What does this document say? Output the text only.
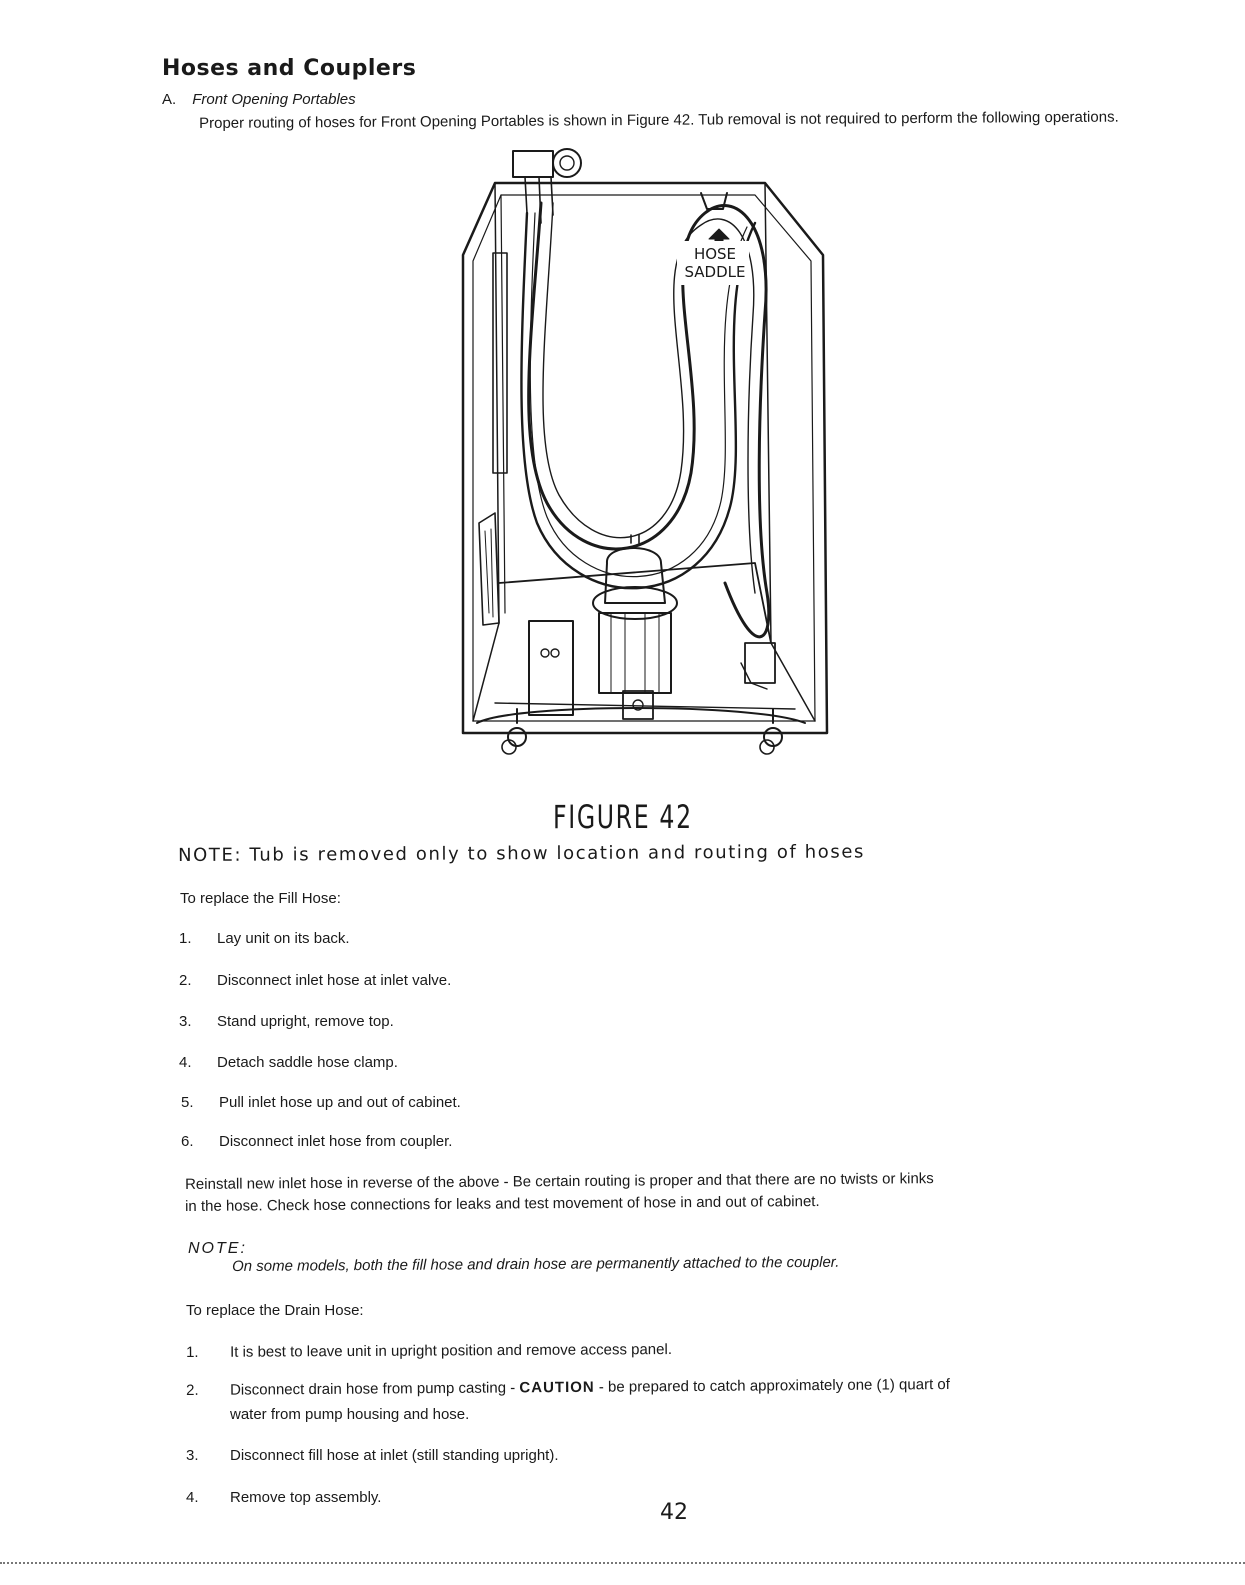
Hoses and Couplers
A. Front Opening Portables
Proper routing of hoses for Front Opening Portables is shown in Figure 42. Tub removal is not required to perform the following operations.
HOSE
SADDLE
FIGURE 42
NOTE: Tub is removed only to show location and routing of hoses
To replace the Fill Hose:
1. Lay unit on its back.
2. Disconnect inlet hose at inlet valve.
3. Stand upright, remove top.
4. Detach saddle hose clamp.
5. Pull inlet hose up and out of cabinet.
6. Disconnect inlet hose from coupler.
Reinstall new inlet hose in reverse of the above - Be certain routing is proper and that there are no twists or kinks
in the hose. Check hose connections for leaks and test movement of hose in and out of cabinet.
NOTE:
On some models, both the fill hose and drain hose are permanently attached to the coupler.
To replace the Drain Hose:
1. It is best to leave unit in upright position and remove access panel.
2. Disconnect drain hose from pump casting - CAUTION - be prepared to catch approximately one (1) quart of
water from pump housing and hose.
3. Disconnect fill hose at inlet (still standing upright).
4. Remove top assembly.
42
